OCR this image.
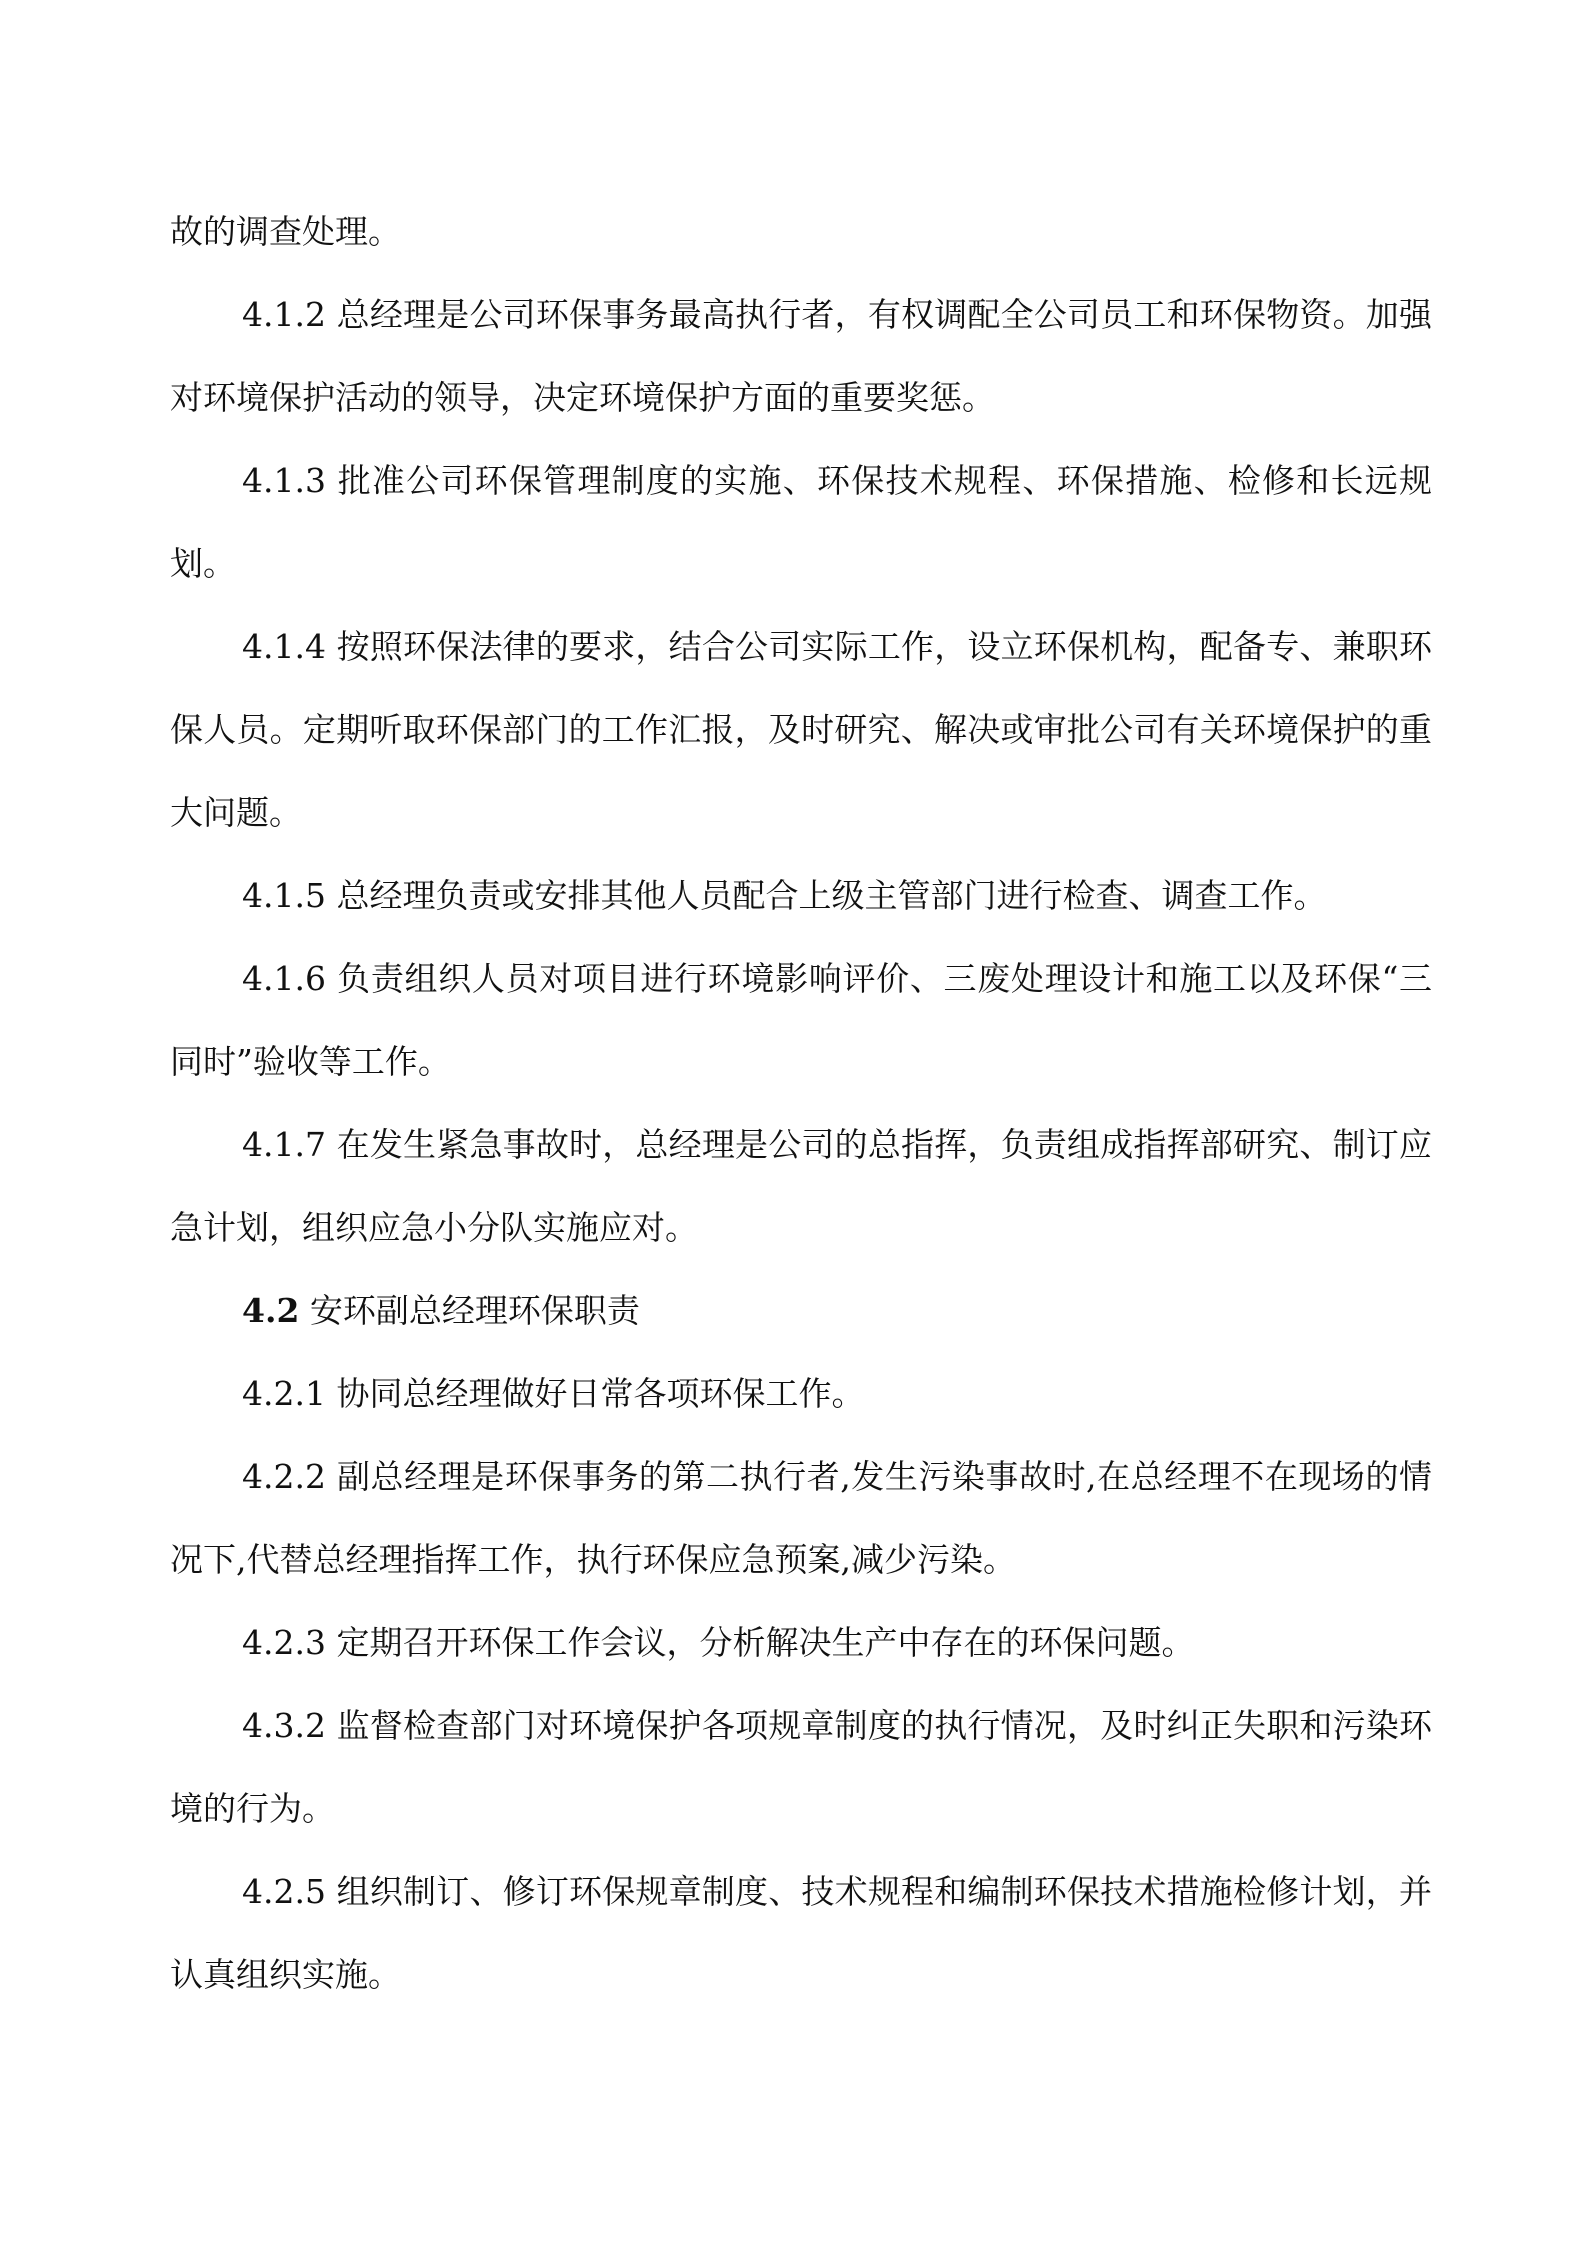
故的调查处理。

4.1.2 总经理是公司环保事务最高执行者，有权调配全公司员工和环保物资。加强对环境保护活动的领导，决定环境保护方面的重要奖惩。

4.1.3 批准公司环保管理制度的实施、环保技术规程、环保措施、检修和长远规划。

4.1.4 按照环保法律的要求，结合公司实际工作，设立环保机构，配备专、兼职环保人员。定期听取环保部门的工作汇报，及时研究、解决或审批公司有关环境保护的重大问题。

4.1.5 总经理负责或安排其他人员配合上级主管部门进行检查、调查工作。

4.1.6 负责组织人员对项目进行环境影响评价、三废处理设计和施工以及环保“三同时”验收等工作。

4.1.7 在发生紧急事故时，总经理是公司的总指挥，负责组成指挥部研究、制订应急计划，组织应急小分队实施应对。

4.2 安环副总经理环保职责

4.2.1 协同总经理做好日常各项环保工作。

4.2.2 副总经理是环保事务的第二执行者,发生污染事故时,在总经理不在现场的情况下,代替总经理指挥工作，执行环保应急预案,减少污染。

4.2.3 定期召开环保工作会议，分析解决生产中存在的环保问题。

4.3.2 监督检查部门对环境保护各项规章制度的执行情况，及时纠正失职和污染环境的行为。

4.2.5 组织制订、修订环保规章制度、技术规程和编制环保技术措施检修计划，并认真组织实施。
